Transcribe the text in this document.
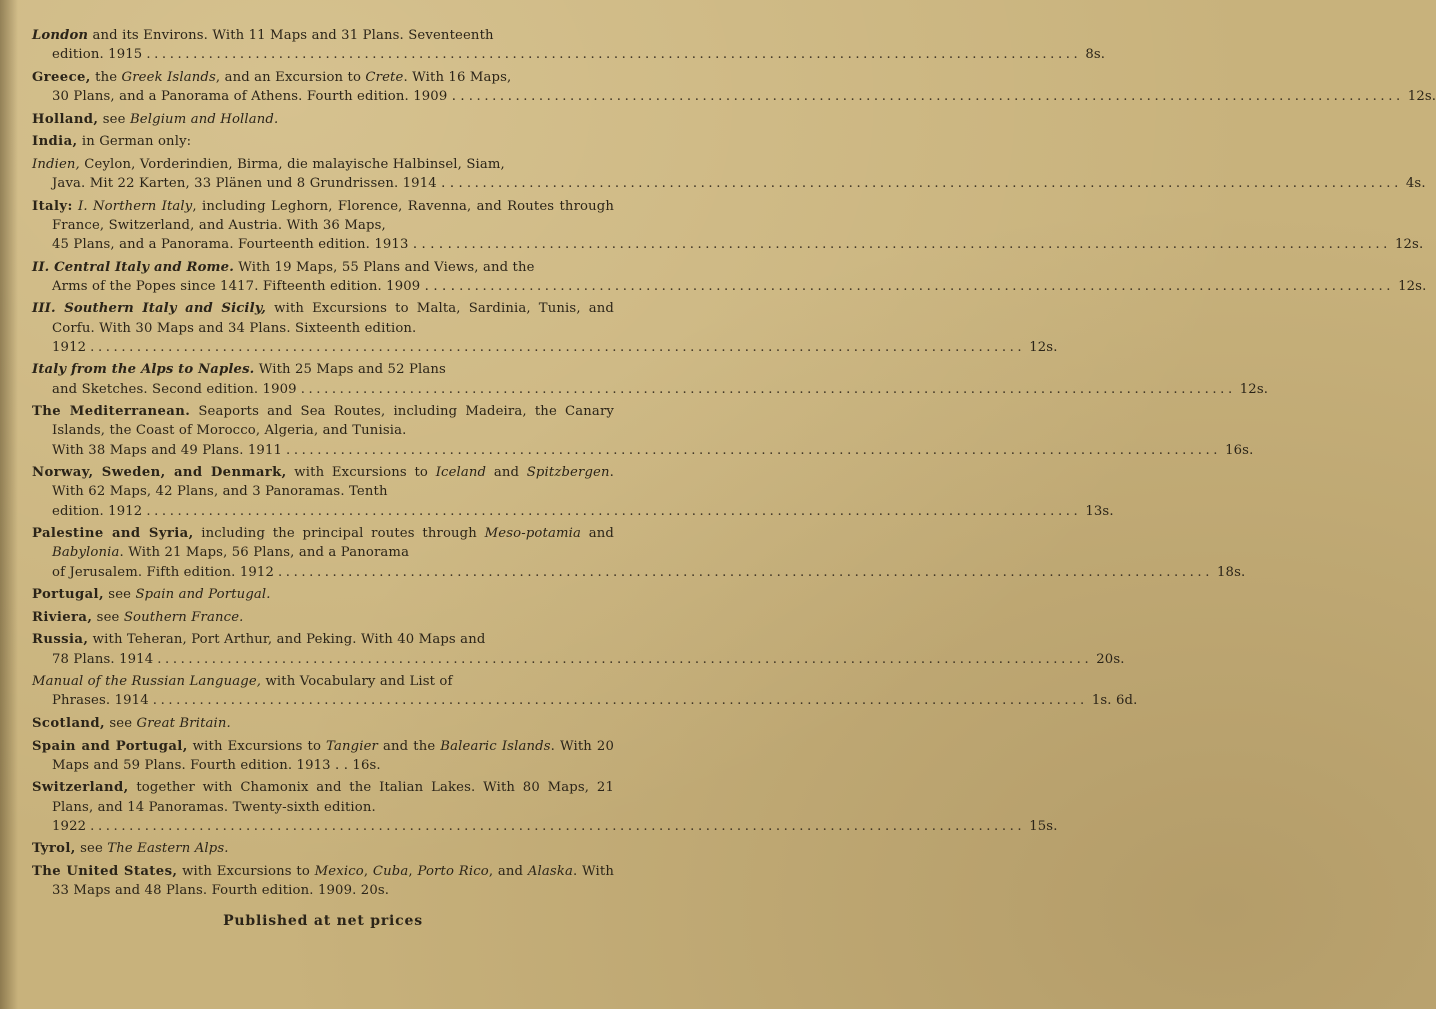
London and its Environs. With 11 Maps and 31 Plans. Seventeenth
edition. 1915 ........................................................................................................................ 8s.

Greece, the Greek Islands, and an Excursion to Crete. With 16 Maps,
30 Plans, and a Panorama of Athens. Fourth edition. 1909 . . ........................................................................................................................ 12s.

Holland, see Belgium and Holland.

India, in German only:

Indien, Ceylon, Vorderindien, Birma, die malayische Halbinsel, Siam,
Java. Mit 22 Karten, 33 Plänen und 8 Grundrissen. 1914 . . . ........................................................................................................................ 4s.

Italy: I. Northern Italy, including Leghorn, Florence, Ravenna, and Routes through France, Switzerland, and Austria. With 36 Maps,
45 Plans, and a Panorama. Fourteenth edition. 1913 . . . . . ........................................................................................................................ 12s.

II. Central Italy and Rome. With 19 Maps, 55 Plans and Views, and the
Arms of the Popes since 1417. Fifteenth edition. 1909 . . . . ........................................................................................................................ 12s.

III. Southern Italy and Sicily, with Excursions to Malta, Sardinia, Tunis, and Corfu. With 30 Maps and 34 Plans. Sixteenth edition.
1912 ........................................................................................................................ 12s.

Italy from the Alps to Naples. With 25 Maps and 52 Plans
and Sketches. Second edition. 1909 ........................................................................................................................ 12s.

The Mediterranean. Seaports and Sea Routes, including Madeira, the Canary Islands, the Coast of Morocco, Algeria, and Tunisia.
With 38 Maps and 49 Plans. 1911 ........................................................................................................................ 16s.

Norway, Sweden, and Denmark, with Excursions to Iceland and Spitzbergen. With 62 Maps, 42 Plans, and 3 Panoramas. Tenth
edition. 1912 ........................................................................................................................ 13s.

Palestine and Syria, including the principal routes through Meso-potamia and Babylonia. With 21 Maps, 56 Plans, and a Panorama
of Jerusalem. Fifth edition. 1912 ........................................................................................................................ 18s.

Portugal, see Spain and Portugal.

Riviera, see Southern France.

Russia, with Teheran, Port Arthur, and Peking. With 40 Maps and
78 Plans. 1914 ........................................................................................................................ 20s.

Manual of the Russian Language, with Vocabulary and List of
Phrases. 1914 ........................................................................................................................ 1s. 6d.

Scotland, see Great Britain.

Spain and Portugal, with Excursions to Tangier and the Balearic Islands. With 20 Maps and 59 Plans. Fourth edition. 1913 . . 16s.

Switzerland, together with Chamonix and the Italian Lakes. With 80 Maps, 21 Plans, and 14 Panoramas. Twenty-sixth edition.
1922 ........................................................................................................................ 15s.

Tyrol, see The Eastern Alps.

The United States, with Excursions to Mexico, Cuba, Porto Rico, and Alaska. With 33 Maps and 48 Plans. Fourth edition. 1909. 20s.

Published at net prices
